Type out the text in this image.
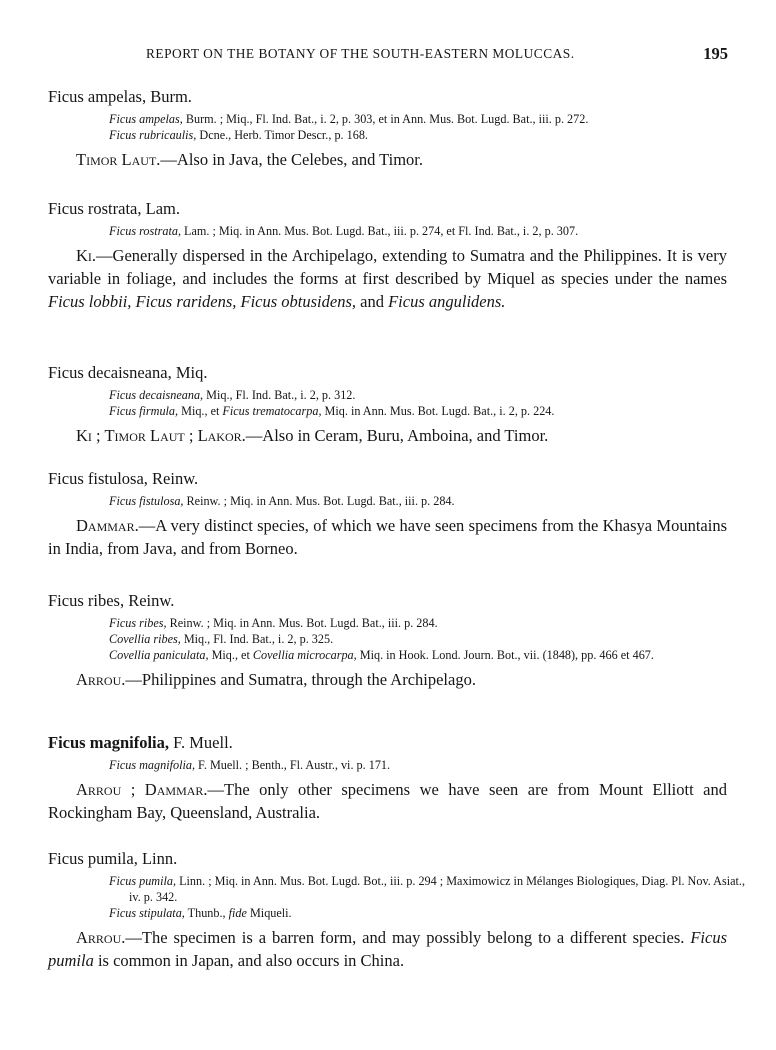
REPORT ON THE BOTANY OF THE SOUTH-EASTERN MOLUCCAS.	195
Ficus ampelas, Burm.
Ficus ampelas, Burm. ; Miq., Fl. Ind. Bat., i. 2, p. 303, et in Ann. Mus. Bot. Lugd. Bat., iii. p. 272.
Ficus rubricaulis, Dcne., Herb. Timor Descr., p. 168.
Timor Laut.—Also in Java, the Celebes, and Timor.
Ficus rostrata, Lam.
Ficus rostrata, Lam. ; Miq. in Ann. Mus. Bot. Lugd. Bat., iii. p. 274, et Fl. Ind. Bat., i. 2, p. 307.
Ki.—Generally dispersed in the Archipelago, extending to Sumatra and the Philippines. It is very variable in foliage, and includes the forms at first described by Miquel as species under the names Ficus lobbii, Ficus raridens, Ficus obtusidens, and Ficus angulidens.
Ficus decaisneana, Miq.
Ficus decaisneana, Miq., Fl. Ind. Bat., i. 2, p. 312.
Ficus firmula, Miq., et Ficus trematocarpa, Miq. in Ann. Mus. Bot. Lugd. Bat., i. 2, p. 224.
Ki ; Timor Laut ; Lakor.—Also in Ceram, Buru, Amboina, and Timor.
Ficus fistulosa, Reinw.
Ficus fistulosa, Reinw. ; Miq. in Ann. Mus. Bot. Lugd. Bat., iii. p. 284.
Dammar.—A very distinct species, of which we have seen specimens from the Khasya Mountains in India, from Java, and from Borneo.
Ficus ribes, Reinw.
Ficus ribes, Reinw. ; Miq. in Ann. Mus. Bot. Lugd. Bat., iii. p. 284.
Covellia ribes, Miq., Fl. Ind. Bat., i. 2, p. 325.
Covellia paniculata, Miq., et Covellia microcarpa, Miq. in Hook. Lond. Journ. Bot., vii. (1848), pp. 466 et 467.
Arrou.—Philippines and Sumatra, through the Archipelago.
Ficus magnifolia, F. Muell.
Ficus magnifolia, F. Muell. ; Benth., Fl. Austr., vi. p. 171.
Arrou ; Dammar.—The only other specimens we have seen are from Mount Elliott and Rockingham Bay, Queensland, Australia.
Ficus pumila, Linn.
Ficus pumila, Linn. ; Miq. in Ann. Mus. Bot. Lugd. Bot., iii. p. 294 ; Maximowicz in Mélanges Biologiques, Diag. Pl. Nov. Asiat., iv. p. 342.
Ficus stipulata, Thunb., fide Miqueli.
Arrou.—The specimen is a barren form, and may possibly belong to a different species. Ficus pumila is common in Japan, and also occurs in China.
